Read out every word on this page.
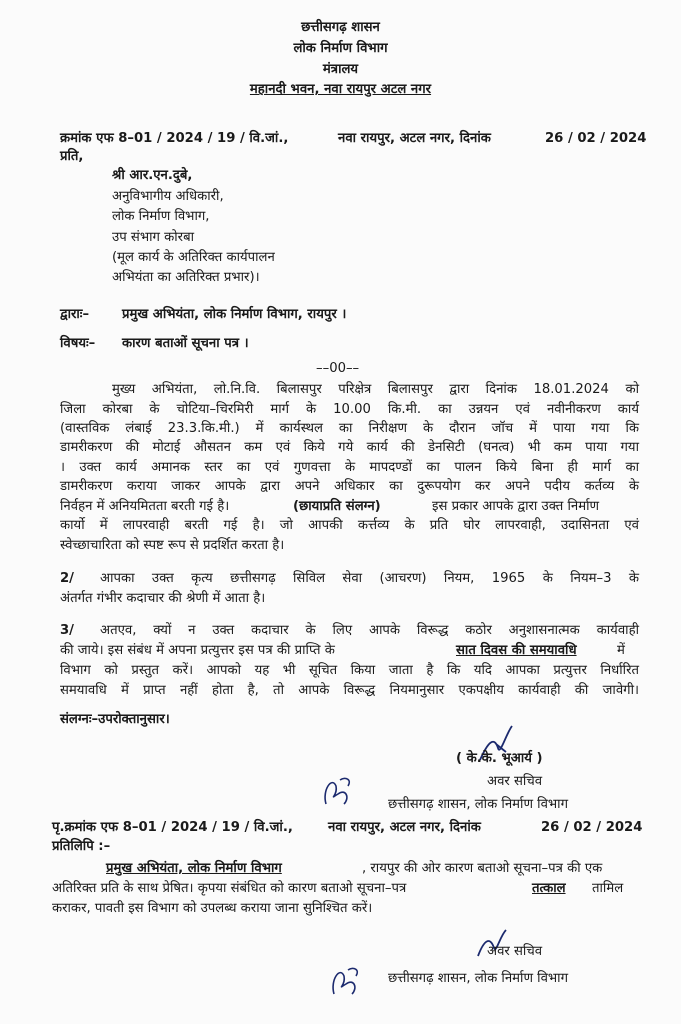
छत्तीसगढ़ शासन
लोक निर्माण विभाग
मंत्रालय
महानदी भवन, नवा रायपुर अटल नगर
क्रमांक एफ 8–01 / 2024 / 19 / वि.जां.,	नवा रायपुर, अटल नगर, दिनांक	26 / 02 / 2024
प्रति,
श्री आर.एन.दुबे,
अनुविभागीय अधिकारी,
लोक निर्माण विभाग,
उप संभाग कोरबा
(मूल कार्य के अतिरिक्त कार्यपालन
अभियंता का अतिरिक्त प्रभार)।
द्वाराः– प्रमुख अभियंता, लोक निर्माण विभाग, रायपुर ।
विषयः– कारण बताओं सूचना पत्र ।
––00––
मुख्य अभियंता, लो.नि.वि. बिलासपुर परिक्षेत्र बिलासपुर द्वारा दिनांक 18.01.2024 को
जिला कोरबा के चोटिया–चिरमिरी मार्ग के 10.00 कि.मी. का उन्नयन एवं नवीनीकरण कार्य
(वास्तविक लंबाई 23.3.कि.मी.) में कार्यस्थल का निरीक्षण के दौरान जॉच में पाया गया कि
डामरीकरण की मोटाई औसतन कम एवं किये गये कार्य की डेनसिटी (घनत्व) भी कम पाया गया
। उक्त कार्य अमानक स्तर का एवं गुणवत्ता के मापदण्डों का पालन किये बिना ही मार्ग का
डामरीकरण कराया जाकर आपके द्वारा अपने अधिकार का दुरूपयोग कर अपने पदीय कर्तव्य के
निर्वहन में अनियमितता बरती गई है।	(छायाप्रति संलग्न)	इस प्रकार आपके द्वारा उक्त निर्माण
कार्यो में लापरवाही बरती गई है। जो आपकी कर्त्तव्य के प्रति घोर लापरवाही, उदासिनता एवं
स्वेच्छाचारिता को स्पष्ट रूप से प्रदर्शित करता है।
2/ आपका उक्त कृत्य छत्तीसगढ़ सिविल सेवा (आचरण) नियम, 1965 के नियम–3 के
अंतर्गत गंभीर कदाचार की श्रेणी में आता है।
3/ अतएव, क्यों न उक्त कदाचार के लिए आपके विरूद्ध कठोर अनुशासनात्मक कार्यवाही
की जाये। इस संबंध में अपना प्रत्युत्तर इस पत्र की प्राप्ति के	सात दिवस की समयावधि	में
विभाग को प्रस्तुत करें। आपको यह भी सूचित किया जाता है कि यदि आपका प्रत्युत्तर निर्धारित
समयावधि में प्राप्त नहीं होता है, तो आपके विरूद्ध नियमानुसार एकपक्षीय कार्यवाही की जावेगी।
संलग्नः–उपरोक्तानुसार।
( के.के. भूआर्य )
अवर सचिव
छत्तीसगढ़ शासन, लोक निर्माण विभाग
पृ.क्रमांक एफ 8–01 / 2024 / 19 / वि.जां.,	नवा रायपुर, अटल नगर, दिनांक	26 / 02 / 2024
प्रतिलिपि :–
प्रमुख अभियंता, लोक निर्माण विभाग	, रायपुर की ओर कारण बताओ सूचना–पत्र की एक
अतिरिक्त प्रति के साथ प्रेषित। कृपया संबंधित को कारण बताओ सूचना–पत्र	तत्काल तामिल
कराकर, पावती इस विभाग को उपलब्ध कराया जाना सुनिश्चित करें।
अवर सचिव
छत्तीसगढ़ शासन, लोक निर्माण विभाग
